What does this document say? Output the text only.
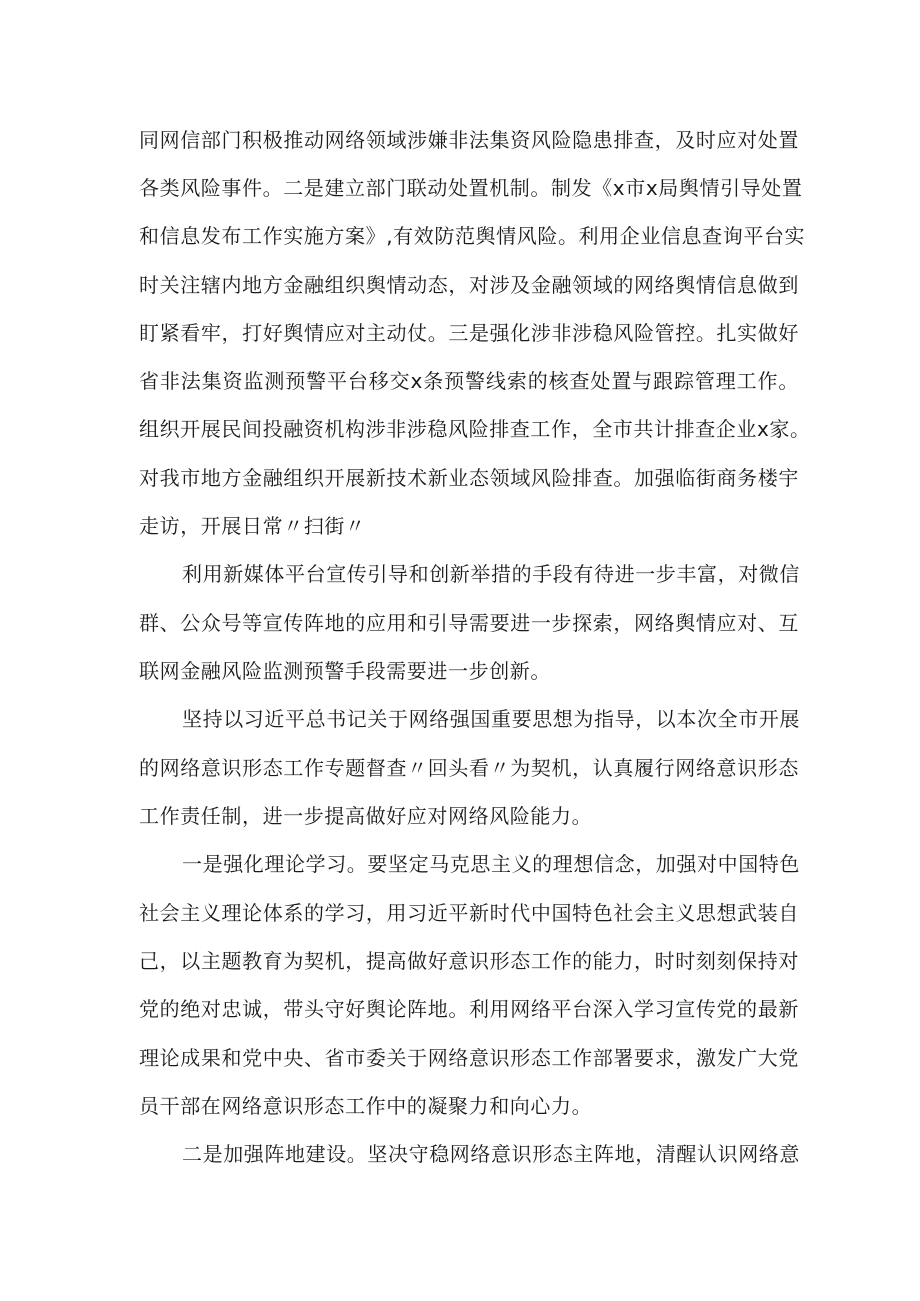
同网信部门积极推动网络领域涉嫌非法集资风险隐患排查，及时应对处置
各类风险事件。二是建立部门联动处置机制。制发《x市x局舆情引导处置
和信息发布工作实施方案》,有效防范舆情风险。利用企业信息查询平台实
时关注辖内地方金融组织舆情动态，对涉及金融领域的网络舆情信息做到
盯紧看牢，打好舆情应对主动仗。三是强化涉非涉稳风险管控。扎实做好
省非法集资监测预警平台移交x条预警线索的核查处置与跟踪管理工作。
组织开展民间投融资机构涉非涉稳风险排查工作，全市共计排查企业x家。
对我市地方金融组织开展新技术新业态领域风险排查。加强临街商务楼宇
走访，开展日常〃扫街〃
利用新媒体平台宣传引导和创新举措的手段有待进一步丰富，对微信
群、公众号等宣传阵地的应用和引导需要进一步探索，网络舆情应对、互
联网金融风险监测预警手段需要进一步创新。
坚持以习近平总书记关于网络强国重要思想为指导，以本次全市开展
的网络意识形态工作专题督查〃回头看〃为契机，认真履行网络意识形态
工作责任制，进一步提高做好应对网络风险能力。
一是强化理论学习。要坚定马克思主义的理想信念，加强对中国特色
社会主义理论体系的学习，用习近平新时代中国特色社会主义思想武装自
己，以主题教育为契机，提高做好意识形态工作的能力，时时刻刻保持对
党的绝对忠诚，带头守好舆论阵地。利用网络平台深入学习宣传党的最新
理论成果和党中央、省市委关于网络意识形态工作部署要求，激发广大党
员干部在网络意识形态工作中的凝聚力和向心力。
二是加强阵地建设。坚决守稳网络意识形态主阵地，清醒认识网络意
